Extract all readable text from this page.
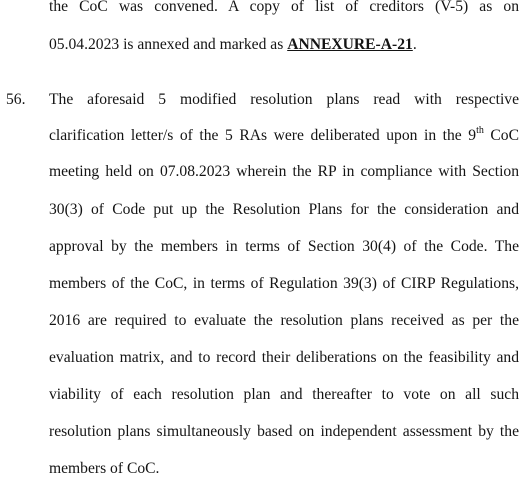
the CoC was convened. A copy of list of creditors (V-5) as on
05.04.2023 is annexed and marked as ANNEXURE-A-21.
56. The aforesaid 5 modified resolution plans read with respective
clarification letter/s of the 5 RAs were deliberated upon in the 9th CoC
meeting held on 07.08.2023 wherein the RP in compliance with Section
30(3) of Code put up the Resolution Plans for the consideration and
approval by the members in terms of Section 30(4) of the Code. The
members of the CoC, in terms of Regulation 39(3) of CIRP Regulations,
2016 are required to evaluate the resolution plans received as per the
evaluation matrix, and to record their deliberations on the feasibility and
viability of each resolution plan and thereafter to vote on all such
resolution plans simultaneously based on independent assessment by the
members of CoC.
